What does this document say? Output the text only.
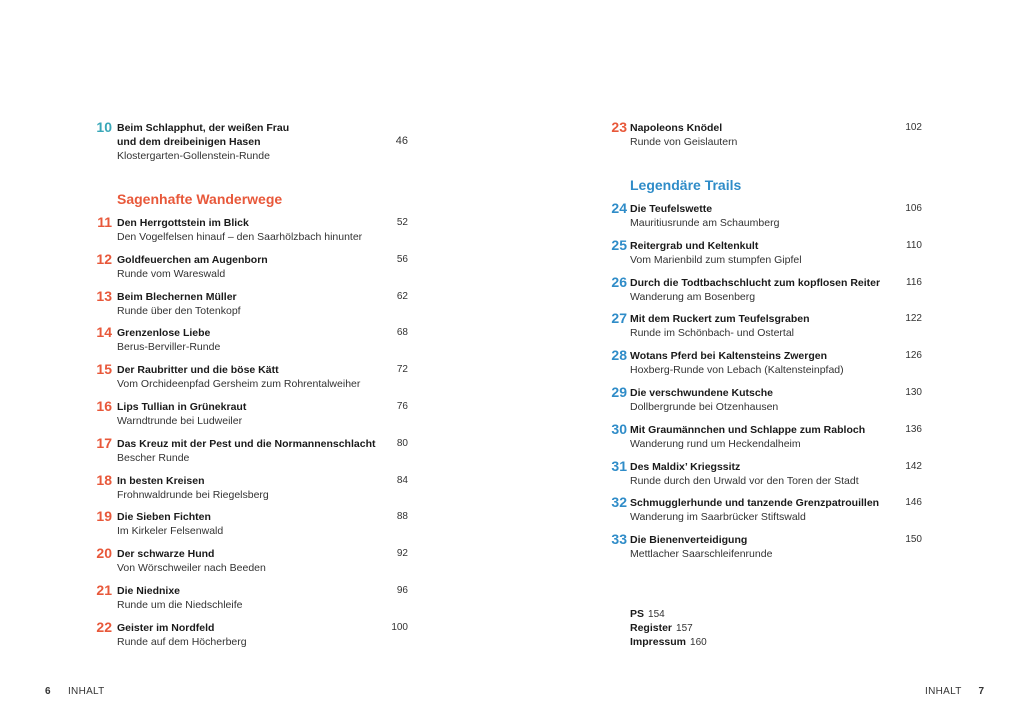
10 Beim Schlapphut, der weißen Frau
und dem dreibeinigen Hasen	46
Klostergarten-Gollenstein-Runde
Sagenhafte Wanderwege
11 Den Herrgottstein im Blick	52
Den Vogelfelsen hinauf – den Saarhölzbach hinunter
12 Goldfeuerchen am Augenborn	56
Runde vom Wareswald
13 Beim Blechernen Müller	62
Runde über den Totenkopf
14 Grenzenlose Liebe	68
Berus-Berviller-Runde
15 Der Raubritter und die böse Kätt	72
Vom Orchideenpfad Gersheim zum Rohrentalweiher
16 Lips Tullian in Grünekraut	76
Warndtrunde bei Ludweiler
17 Das Kreuz mit der Pest und die Normannenschlacht	80
Bescher Runde
18 In besten Kreisen	84
Frohnwaldrunde bei Riegelsberg
19 Die Sieben Fichten	88
Im Kirkeler Felsenwald
20 Der schwarze Hund	92
Von Wörschweiler nach Beeden
21 Die Niednixe	96
Runde um die Niedschleife
22 Geister im Nordfeld	100
Runde auf dem Höcherberg
6 INHALT
23 Napoleons Knödel	102
Runde von Geislautern
Legendäre Trails
24 Die Teufelswette	106
Mauritiusrunde am Schaumberg
25 Reitergrab und Keltenkult	110
Vom Marienbild zum stumpfen Gipfel
26 Durch die Todtbachschlucht zum kopflosen Reiter	116
Wanderung am Bosenberg
27 Mit dem Ruckert zum Teufelsgraben	122
Runde im Schönbach- und Ostertal
28 Wotans Pferd bei Kaltensteins Zwergen	126
Hoxberg-Runde von Lebach (Kaltensteinpfad)
29 Die verschwundene Kutsche	130
Dollbergrunde bei Otzenhausen
30 Mit Graumännchen und Schlappe zum Rabloch	136
Wanderung rund um Heckendalheim
31 Des Maldix’ Kriegssitz	142
Runde durch den Urwald vor den Toren der Stadt
32 Schmugglerhunde und tanzende Grenzpatrouillen	146
Wanderung im Saarbrücker Stiftswald
33 Die Bienenverteidigung	150
Mettlacher Saarschleifenrunde
PS 154
Register 157
Impressum 160
INHALT 7
